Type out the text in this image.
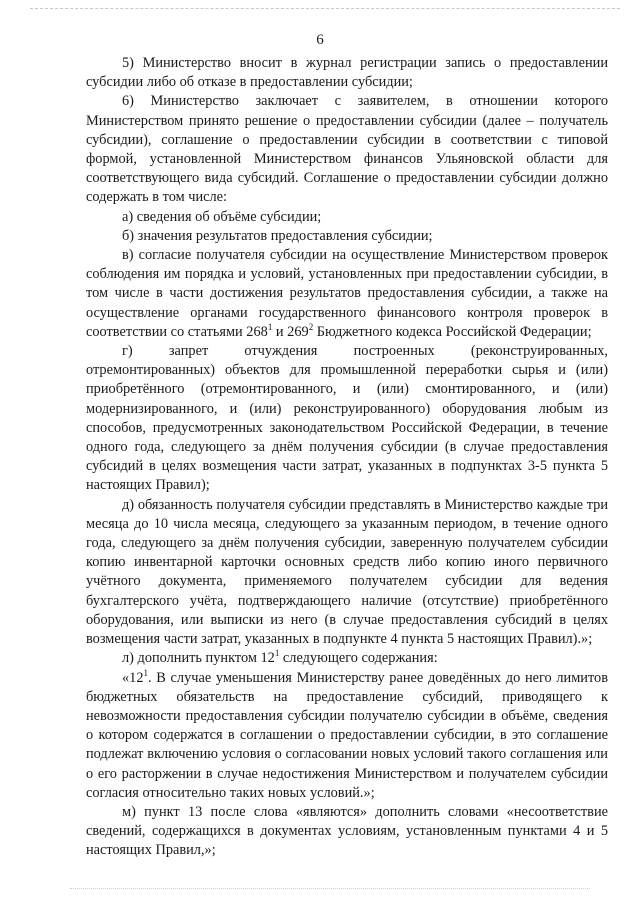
6

5) Министерство вносит в журнал регистрации запись о предоставлении субсидии либо об отказе в предоставлении субсидии;

6) Министерство заключает с заявителем, в отношении которого Министерством принято решение о предоставлении субсидии (далее – получатель субсидии), соглашение о предоставлении субсидии в соответствии с типовой формой, установленной Министерством финансов Ульяновской области для соответствующего вида субсидий. Соглашение о предоставлении субсидии должно содержать в том числе:

а) сведения об объёме субсидии;

б) значения результатов предоставления субсидии;

в) согласие получателя субсидии на осуществление Министерством проверок соблюдения им порядка и условий, установленных при предоставлении субсидии, в том числе в части достижения результатов предоставления субсидии, а также на осуществление органами государственного финансового контроля проверок в соответствии со статьями $268^1$ и $269^2$ Бюджетного кодекса Российской Федерации;

г) запрет отчуждения построенных (реконструированных, отремонтированных) объектов для промышленной переработки сырья и (или) приобретённого (отремонтированного, и (или) смонтированного, и (или) модернизированного, и (или) реконструированного) оборудования любым из способов, предусмотренных законодательством Российской Федерации, в течение одного года, следующего за днём получения субсидии (в случае предоставления субсидий в целях возмещения части затрат, указанных в подпунктах 3-5 пункта 5 настоящих Правил);

д) обязанность получателя субсидии представлять в Министерство каждые три месяца до 10 числа месяца, следующего за указанным периодом, в течение одного года, следующего за днём получения субсидии, заверенную получателем субсидии копию инвентарной карточки основных средств либо копию иного первичного учётного документа, применяемого получателем субсидии для ведения бухгалтерского учёта, подтверждающего наличие (отсутствие) приобретённого оборудования, или выписки из него (в случае предоставления субсидий в целях возмещения части затрат, указанных в подпункте 4 пункта 5 настоящих Правил).»;

л) дополнить пунктом $12^1$ следующего содержания:

«$12^1$. В случае уменьшения Министерству ранее доведённых до него лимитов бюджетных обязательств на предоставление субсидий, приводящего к невозможности предоставления субсидии получателю субсидии в объёме, сведения о котором содержатся в соглашении о предоставлении субсидии, в это соглашение подлежат включению условия о согласовании новых условий такого соглашения или о его расторжении в случае недостижения Министерством и получателем субсидии согласия относительно таких новых условий.»;

м) пункт 13 после слова «являются» дополнить словами «несоответствие сведений, содержащихся в документах условиям, установленным пунктами 4 и 5 настоящих Правил,»;
